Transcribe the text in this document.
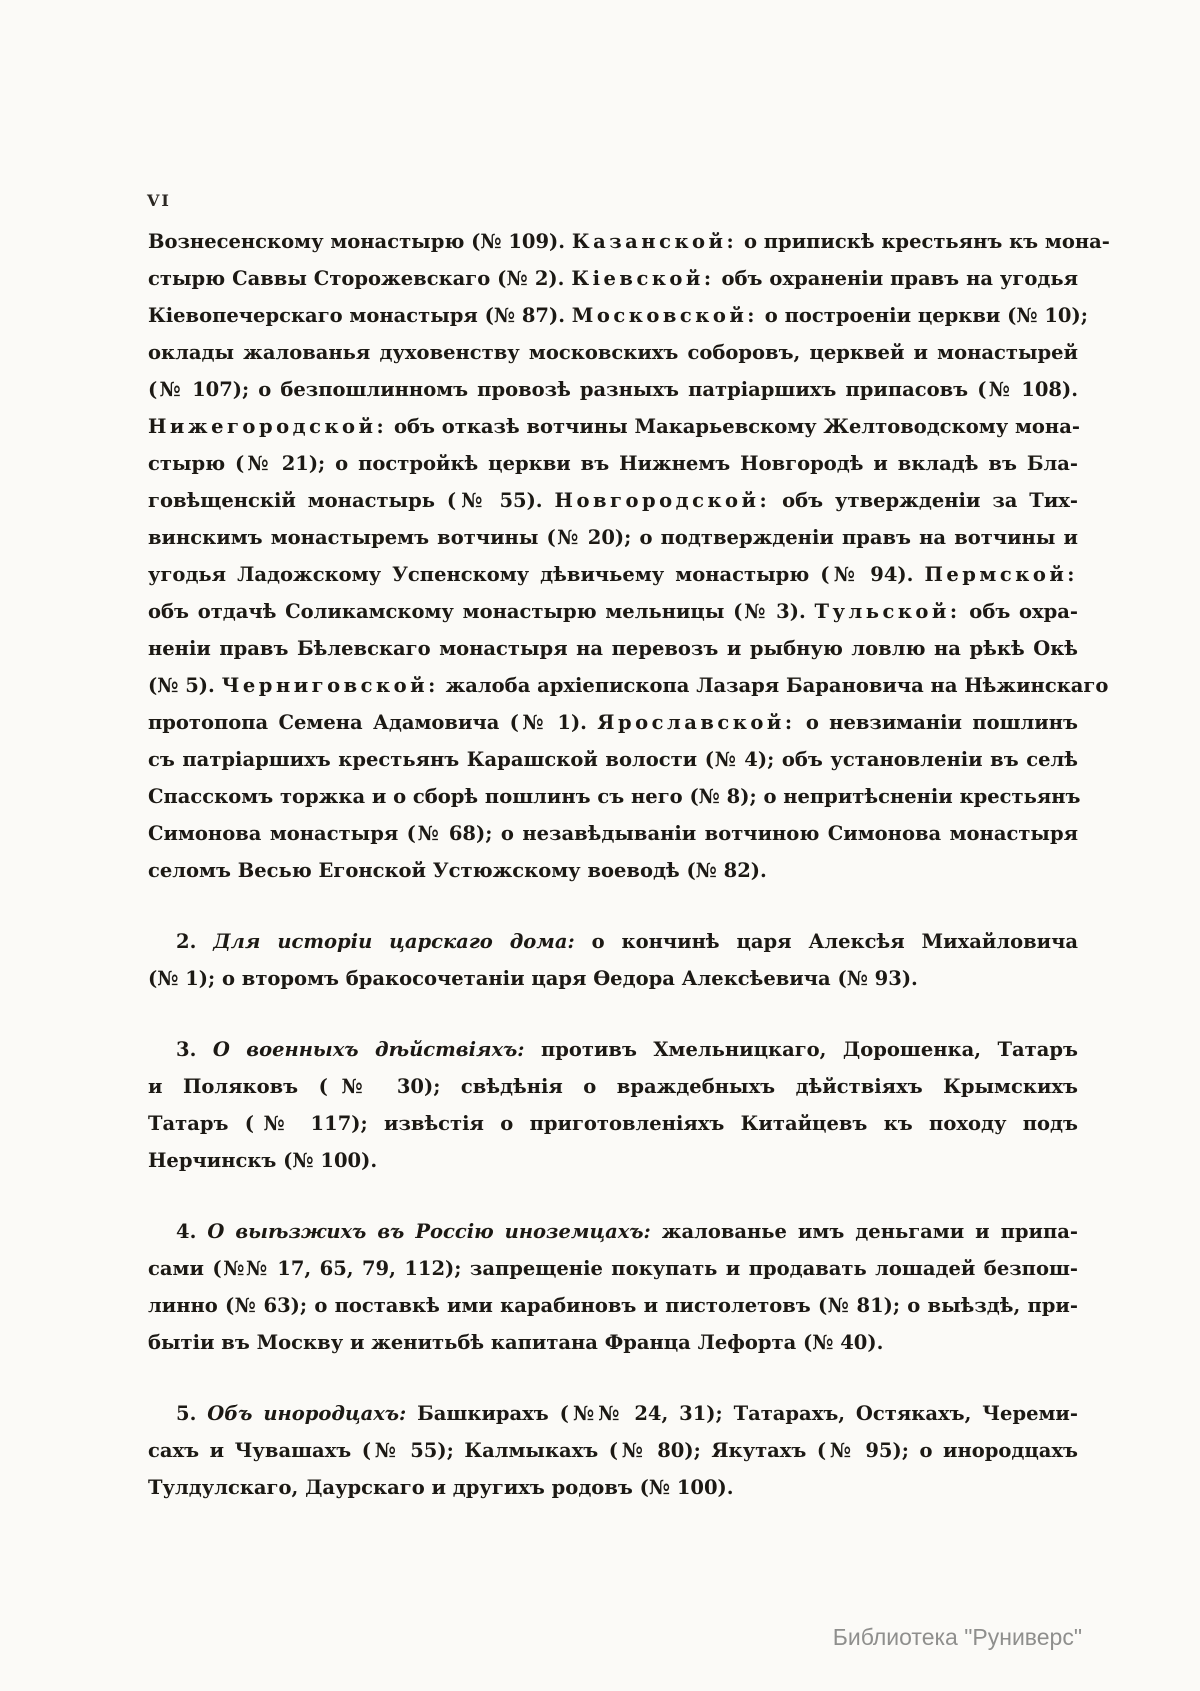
VI
Вознесенскому монастырю (№ 109). Казанской: о припискѣ крестьянъ къ мона-
стырю Саввы Сторожевскаго (№ 2). Кіевской: объ охраненіи правъ на угодья
Кіевопечерскаго монастыря (№ 87). Московской: о построеніи церкви (№ 10);
оклады жалованья духовенству московскихъ соборовъ, церквей и монастырей
(№ 107); о безпошлинномъ провозѣ разныхъ патріаршихъ припасовъ (№ 108).
Нижегородской: объ отказѣ вотчины Макарьевскому Желтоводскому мона-
стырю (№ 21); о постройкѣ церкви въ Нижнемъ Новгородѣ и вкладѣ въ Бла-
говѣщенскій монастырь (№ 55). Новгородской: объ утвержденіи за Тих-
винскимъ монастыремъ вотчины (№ 20); о подтвержденіи правъ на вотчины и
угодья Ладожскому Успенскому дѣвичьему монастырю (№ 94). Пермской:
объ отдачѣ Соликамскому монастырю мельницы (№ 3). Тульской: объ охра-
неніи правъ Бѣлевскаго монастыря на перевозъ и рыбную ловлю на рѣкѣ Окѣ
(№ 5). Черниговской: жалоба архіепископа Лазаря Барановича на Нѣжинскаго
протопопа Семена Адамовича (№ 1). Ярославской: о невзиманіи пошлинъ
съ патріаршихъ крестьянъ Карашской волости (№ 4); объ установленіи въ селѣ
Спасскомъ торжка и о сборѣ пошлинъ съ него (№ 8); о непритѣсненіи крестьянъ
Симонова монастыря (№ 68); о незавѣдываніи вотчиною Симонова монастыря
селомъ Весью Егонской Устюжскому воеводѣ (№ 82).
2. Для исторіи царскаго дома: о кончинѣ царя Алексѣя Михайловича
(№ 1); о второмъ бракосочетаніи царя Ѳедора Алексѣевича (№ 93).
3. О военныхъ дѣйствіяхъ: противъ Хмельницкаго, Дорошенка, Татаръ
и Поляковъ (№ 30); свѣдѣнія о враждебныхъ дѣйствіяхъ Крымскихъ
Татаръ (№ 117); извѣстія о приготовленіяхъ Китайцевъ къ походу подъ
Нерчинскъ (№ 100).
4. О выѣзжихъ въ Россію иноземцахъ: жалованье имъ деньгами и припа-
сами (№№ 17, 65, 79, 112); запрещеніе покупать и продавать лошадей безпош-
линно (№ 63); о поставкѣ ими карабиновъ и пистолетовъ (№ 81); о выѣздѣ, при-
бытіи въ Москву и женитьбѣ капитана Франца Лефорта (№ 40).
5. Объ инородцахъ: Башкирахъ (№№ 24, 31); Татарахъ, Остякахъ, Череми-
сахъ и Чувашахъ (№ 55); Калмыкахъ (№ 80); Якутахъ (№ 95); о инородцахъ
Тулдулскаго, Даурскаго и другихъ родовъ (№ 100).
Библиотека "Руниверс"
